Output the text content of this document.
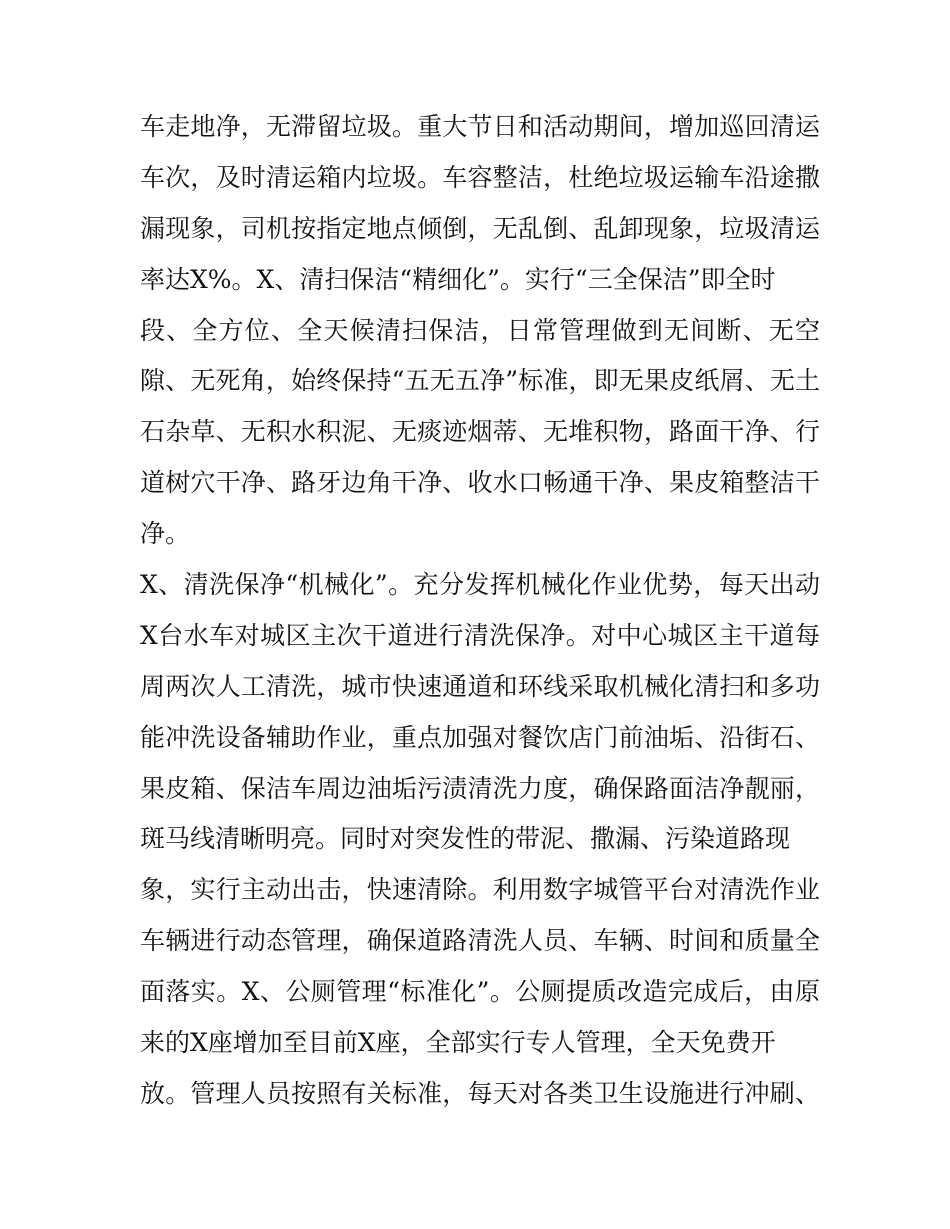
车走地净，无滞留垃圾。重大节日和活动期间，增加巡回清运
车次，及时清运箱内垃圾。车容整洁，杜绝垃圾运输车沿途撒
漏现象，司机按指定地点倾倒，无乱倒、乱卸现象，垃圾清运
率达X%。X、清扫保洁“精细化”。实行“三全保洁”即全时
段、全方位、全天候清扫保洁，日常管理做到无间断、无空
隙、无死角，始终保持“五无五净”标准，即无果皮纸屑、无土
石杂草、无积水积泥、无痰迹烟蒂、无堆积物，路面干净、行
道树穴干净、路牙边角干净、收水口畅通干净、果皮箱整洁干
净。
X、清洗保净“机械化”。充分发挥机械化作业优势，每天出动
X台水车对城区主次干道进行清洗保净。对中心城区主干道每
周两次人工清洗，城市快速通道和环线采取机械化清扫和多功
能冲洗设备辅助作业，重点加强对餐饮店门前油垢、沿街石、
果皮箱、保洁车周边油垢污渍清洗力度，确保路面洁净靓丽，
斑马线清晰明亮。同时对突发性的带泥、撒漏、污染道路现
象，实行主动出击，快速清除。利用数字城管平台对清洗作业
车辆进行动态管理，确保道路清洗人员、车辆、时间和质量全
面落实。X、公厕管理“标准化”。公厕提质改造完成后，由原
来的X座增加至目前X座，全部实行专人管理，全天免费开
放。管理人员按照有关标准，每天对各类卫生设施进行冲刷、
